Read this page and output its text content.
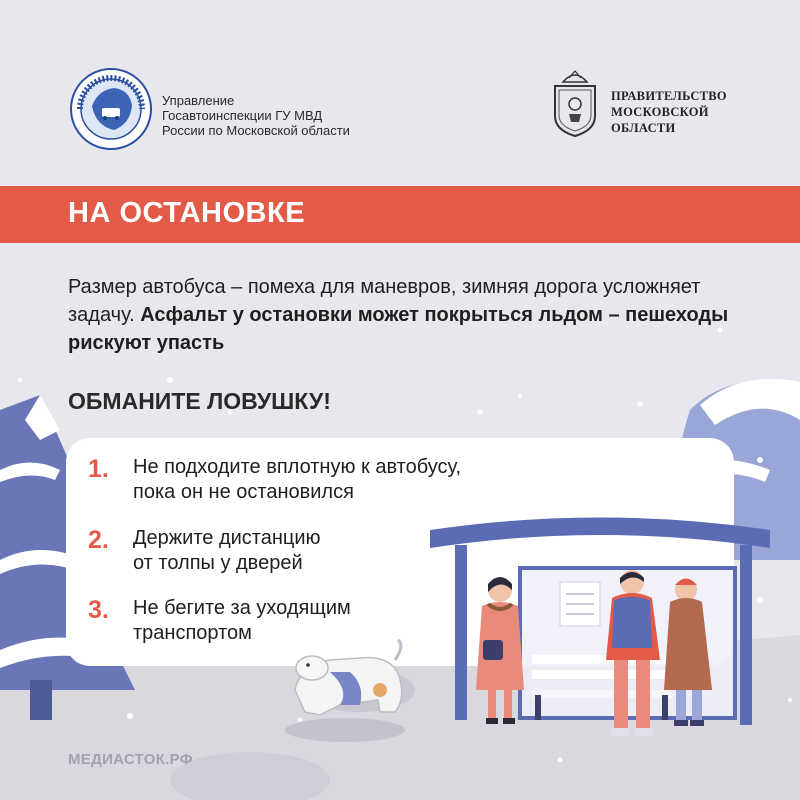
Управление
Госавтоинспекции ГУ МВД
России по Московской области
ПРАВИТЕЛЬСТВО
МОСКОВСКОЙ
ОБЛАСТИ
НА ОСТАНОВКЕ
Размер автобуса – помеха для маневров, зимняя дорога усложняет задачу. Асфальт у остановки может покрыться льдом – пешеходы рискуют упасть
ОБМАНИТЕ ЛОВУШКУ!
1. Не подходите вплотную к автобусу,
пока он не остановился
2. Держите дистанцию
от толпы у дверей
3. Не бегите за уходящим
транспортом
МЕДИАСТОК.РФ
